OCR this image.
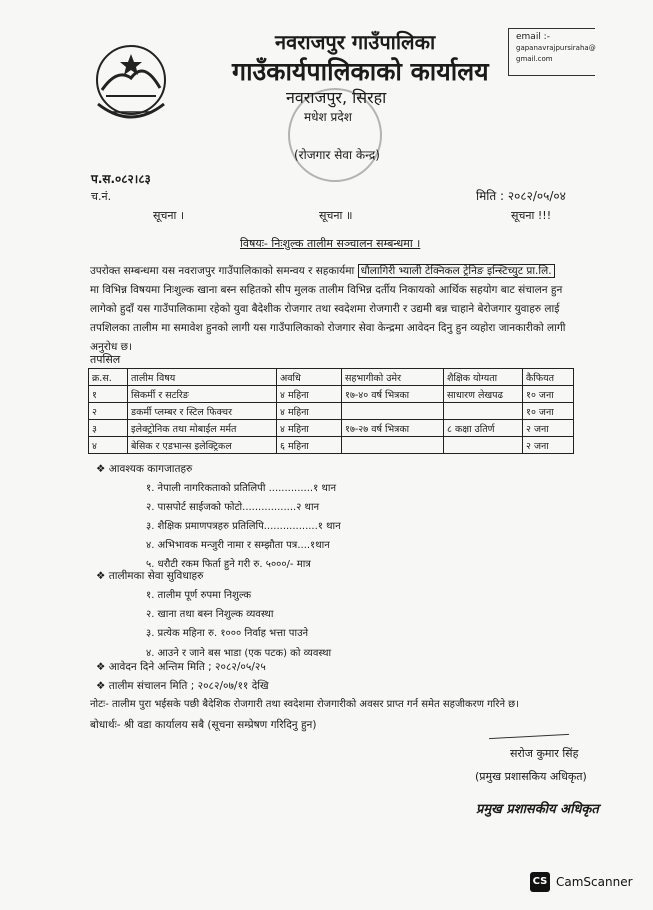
नवराजपुर गाउँपालिका
गाउँकार्यपालिकाको कार्यालय
नवराजपुर, सिरहा
मधेश प्रदेश
(रोजगार सेवा केन्द्र)
email :-
gapanavrajpursiraha@
gmail.com
प.स.०८२।८३
च.नं.	मिति : २०८२/०५/०४
सूचना ।	सूचना ॥	सूचना !!!
विषयः- निःशुल्क तालीम सञ्चालन सम्बन्धमा ।
उपरोक्त सम्बन्धमा यस नवराजपुर गाउँपालिकाको समन्वय र सहकार्यमा धौलागिरी भ्याली टेक्निकल ट्रेनिङ इन्स्टिच्युट प्रा.लि.
मा विभिन्न विषयमा निःशुल्क खाना बस्न सहितको सीप मुलक तालीम विभिन्न दर्तीय निकायको आर्थिक सहयोग बाट संचालन हुन
लागेको हुदाँ यस गाउँपालिकामा रहेको युवा बैदेशीक रोजगार तथा स्वदेशमा रोजगारी र उद्यमी बन्न चाहाने बेरोजगार युवाहरु लाई
तपशिलका तालीम मा समावेश हुनको लागी यस गाउँपालिकाको रोजगार सेवा केन्द्रमा आवेदन दिनु हुन व्यहोरा जानकारीको लागी
अनुरोध छ।
तपसिल
क्र.स.	तालीम विषय	अवधि	सहभागीको उमेर	शैक्षिक योग्यता	कैफियत
१	सिकर्मी र सटरिङ	४ महिना	१७-४० वर्ष भित्रका	साधारण लेखपढ	१० जना
२	डकर्मी प्लम्बर र स्टिल फिक्चर	४ महिना			१० जना
३	इलेक्ट्रोनिक तथा मोबाईल मर्मत	४ महिना	१७-२७ वर्ष भित्रका	८ कक्षा उतिर्ण	२ जना
४	बेसिक र एडभान्स इलेक्ट्रिकल	६ महिना			२ जना
❖ आवश्यक कागजातहरु
१. नेपाली नागरिकताको प्रतिलिपी ..............१ थान
२. पासपोर्ट साईजको फोटो.................२ थान
३. शैक्षिक प्रमाणपत्रहरु प्रतिलिपि.................१ थान
४. अभिभावक मन्जुरी नामा र सम्झौता पत्र....१थान
५. धरौटी रकम फिर्ता हुने गरी रु. ५०००/- मात्र
❖ तालीमका सेवा सुविधाहरु
१. तालीम पूर्ण रुपमा निशुल्क
२. खाना तथा बस्न निशुल्क व्यवस्था
३. प्रत्येक महिना रु. १००० निर्वाह भत्ता पाउने
४. आउने र जाने बस भाडा (एक पटक) को व्यवस्था
❖ आवेदन दिने अन्तिम मिति ; २०८२/०५/२५
❖ तालीम संचालन मिति ; २०८२/०७/११ देखि
नोटः- तालीम पुरा भईसके पछी बैदेशिक रोजगारी तथा स्वदेशमा रोजगारीको अवसर प्राप्त गर्न समेत सहजीकरण गरिने छ।
बोधार्थः- श्री वडा कार्यालय सबै (सूचना सम्प्रेषण गरिदिनु हुन)
सरोज कुमार सिंह
(प्रमुख प्रशासकिय अधिकृत)
प्रमुख प्रशासकीय अधिकृत
CS CamScanner
